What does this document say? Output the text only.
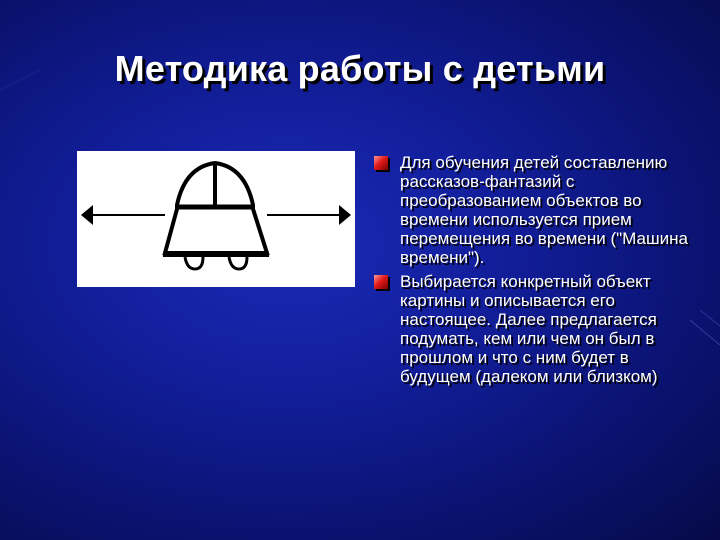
Методика работы с детьми
Для обучения детей составлению рассказов-фантазий с преобразованием объектов во времени используется прием перемещения во времени ("Машина времени").
Выбирается конкретный объект картины и описывается его настоящее. Далее предлагается подумать, кем или чем он был в прошлом и что с ним будет в будущем (далеком или близком)
